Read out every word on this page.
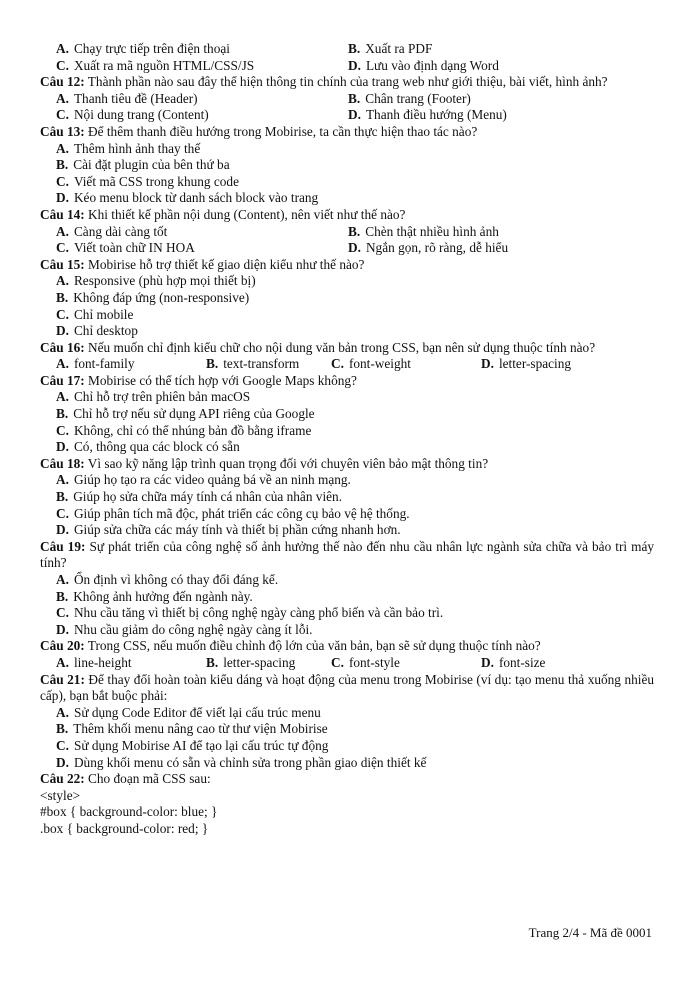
A. Chạy trực tiếp trên điện thoại	B. Xuất ra PDF
C. Xuất ra mã nguồn HTML/CSS/JS	D. Lưu vào định dạng Word
Câu 12: Thành phần nào sau đây thể hiện thông tin chính của trang web như giới thiệu, bài viết, hình ảnh?
A. Thanh tiêu đề (Header)	B. Chân trang (Footer)
C. Nội dung trang (Content)	D. Thanh điều hướng (Menu)
Câu 13: Để thêm thanh điều hướng trong Mobirise, ta cần thực hiện thao tác nào?
A. Thêm hình ảnh thay thế
B. Cài đặt plugin của bên thứ ba
C. Viết mã CSS trong khung code
D. Kéo menu block từ danh sách block vào trang
Câu 14: Khi thiết kế phần nội dung (Content), nên viết như thế nào?
A. Càng dài càng tốt	B. Chèn thật nhiều hình ảnh
C. Viết toàn chữ IN HOA	D. Ngắn gọn, rõ ràng, dễ hiểu
Câu 15: Mobirise hỗ trợ thiết kế giao diện kiểu như thế nào?
A. Responsive (phù hợp mọi thiết bị)
B. Không đáp ứng (non-responsive)
C. Chỉ mobile
D. Chỉ desktop
Câu 16: Nếu muốn chỉ định kiểu chữ cho nội dung văn bản trong CSS, bạn nên sử dụng thuộc tính nào?
A. font-family	B. text-transform	C. font-weight	D. letter-spacing
Câu 17: Mobirise có thể tích hợp với Google Maps không?
A. Chỉ hỗ trợ trên phiên bản macOS
B. Chỉ hỗ trợ nếu sử dụng API riêng của Google
C. Không, chỉ có thể nhúng bản đồ bằng iframe
D. Có, thông qua các block có sẵn
Câu 18: Vì sao kỹ năng lập trình quan trọng đối với chuyên viên bảo mật thông tin?
A. Giúp họ tạo ra các video quảng bá về an ninh mạng.
B. Giúp họ sửa chữa máy tính cá nhân của nhân viên.
C. Giúp phân tích mã độc, phát triển các công cụ bảo vệ hệ thống.
D. Giúp sửa chữa các máy tính và thiết bị phần cứng nhanh hơn.
Câu 19: Sự phát triển của công nghệ số ảnh hưởng thế nào đến nhu cầu nhân lực ngành sửa chữa và bảo trì máy tính?
A. Ổn định vì không có thay đổi đáng kể.
B. Không ảnh hưởng đến ngành này.
C. Nhu cầu tăng vì thiết bị công nghệ ngày càng phổ biến và cần bảo trì.
D. Nhu cầu giảm do công nghệ ngày càng ít lỗi.
Câu 20: Trong CSS, nếu muốn điều chỉnh độ lớn của văn bản, bạn sẽ sử dụng thuộc tính nào?
A. line-height	B. letter-spacing	C. font-style	D. font-size
Câu 21: Để thay đổi hoàn toàn kiểu dáng và hoạt động của menu trong Mobirise (ví dụ: tạo menu thả xuống nhiều cấp), bạn bắt buộc phải:
A. Sử dụng Code Editor để viết lại cấu trúc menu
B. Thêm khối menu nâng cao từ thư viện Mobirise
C. Sử dụng Mobirise AI để tạo lại cấu trúc tự động
D. Dùng khối menu có sẵn và chỉnh sửa trong phần giao diện thiết kế
Câu 22: Cho đoạn mã CSS sau:
<style>
#box { background-color: blue; }
.box { background-color: red; }
Trang 2/4 - Mã đề 0001
